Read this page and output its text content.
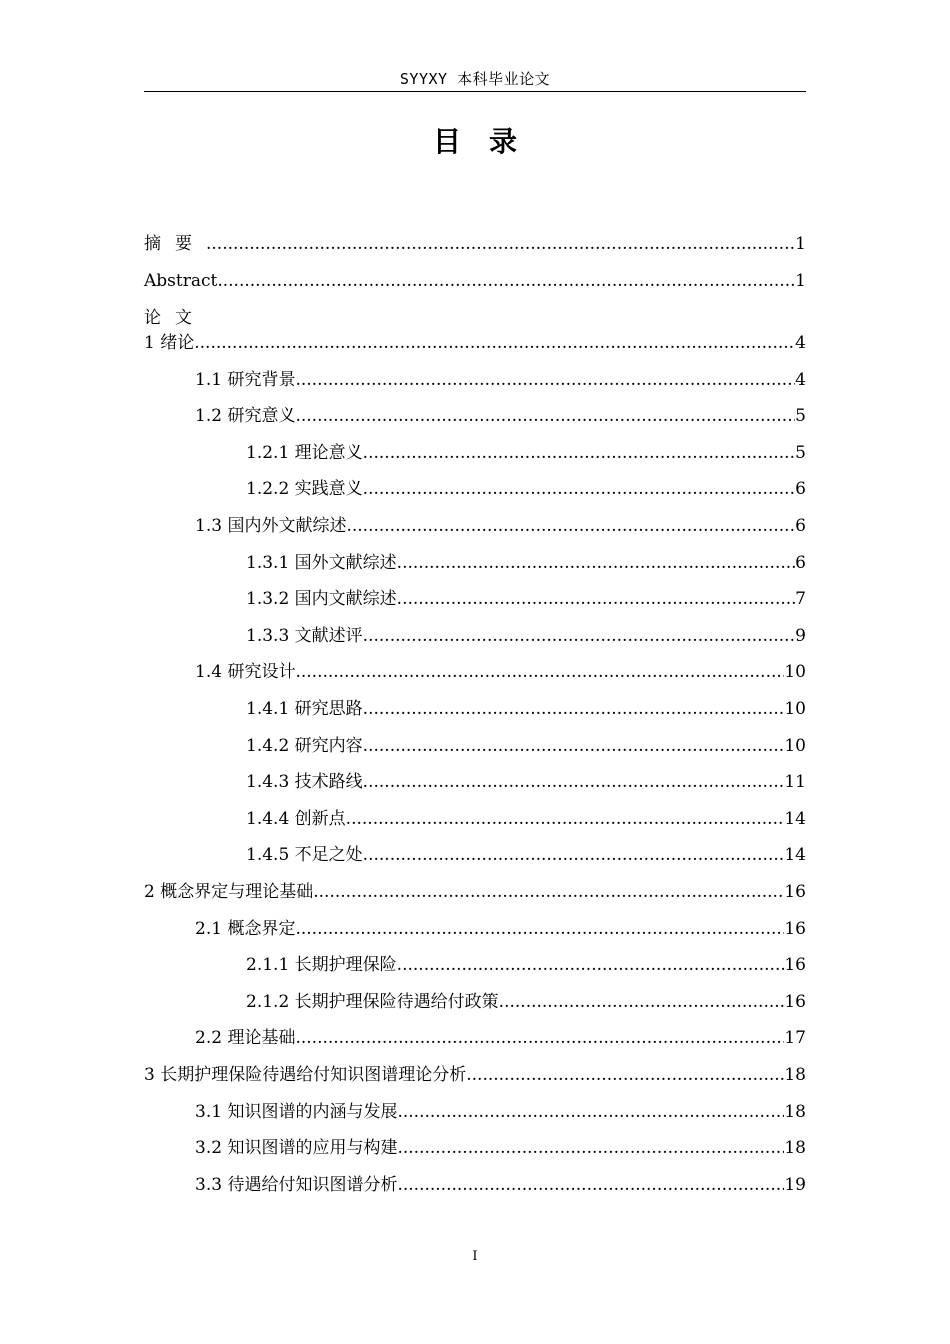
SYYXY 本科毕业论文
目录
摘要 .....	1
Abstract .....	1
论文
1 绪论 .....	4
1.1 研究背景 .....	4
1.2 研究意义 .....	5
1.2.1 理论意义 .....	5
1.2.2 实践意义 .....	6
1.3 国内外文献综述 .....	6
1.3.1 国外文献综述 .....	6
1.3.2 国内文献综述 .....	7
1.3.3 文献述评 .....	9
1.4 研究设计 .....	10
1.4.1 研究思路 .....	10
1.4.2 研究内容 .....	10
1.4.3 技术路线 .....	11
1.4.4 创新点 .....	14
1.4.5 不足之处 .....	14
2 概念界定与理论基础 .....	16
2.1 概念界定 .....	16
2.1.1 长期护理保险 .....	16
2.1.2 长期护理保险待遇给付政策 .....	16
2.2 理论基础 .....	17
3 长期护理保险待遇给付知识图谱理论分析 .....	18
3.1 知识图谱的内涵与发展 .....	18
3.2 知识图谱的应用与构建 .....	18
3.3 待遇给付知识图谱分析 .....	19
I
